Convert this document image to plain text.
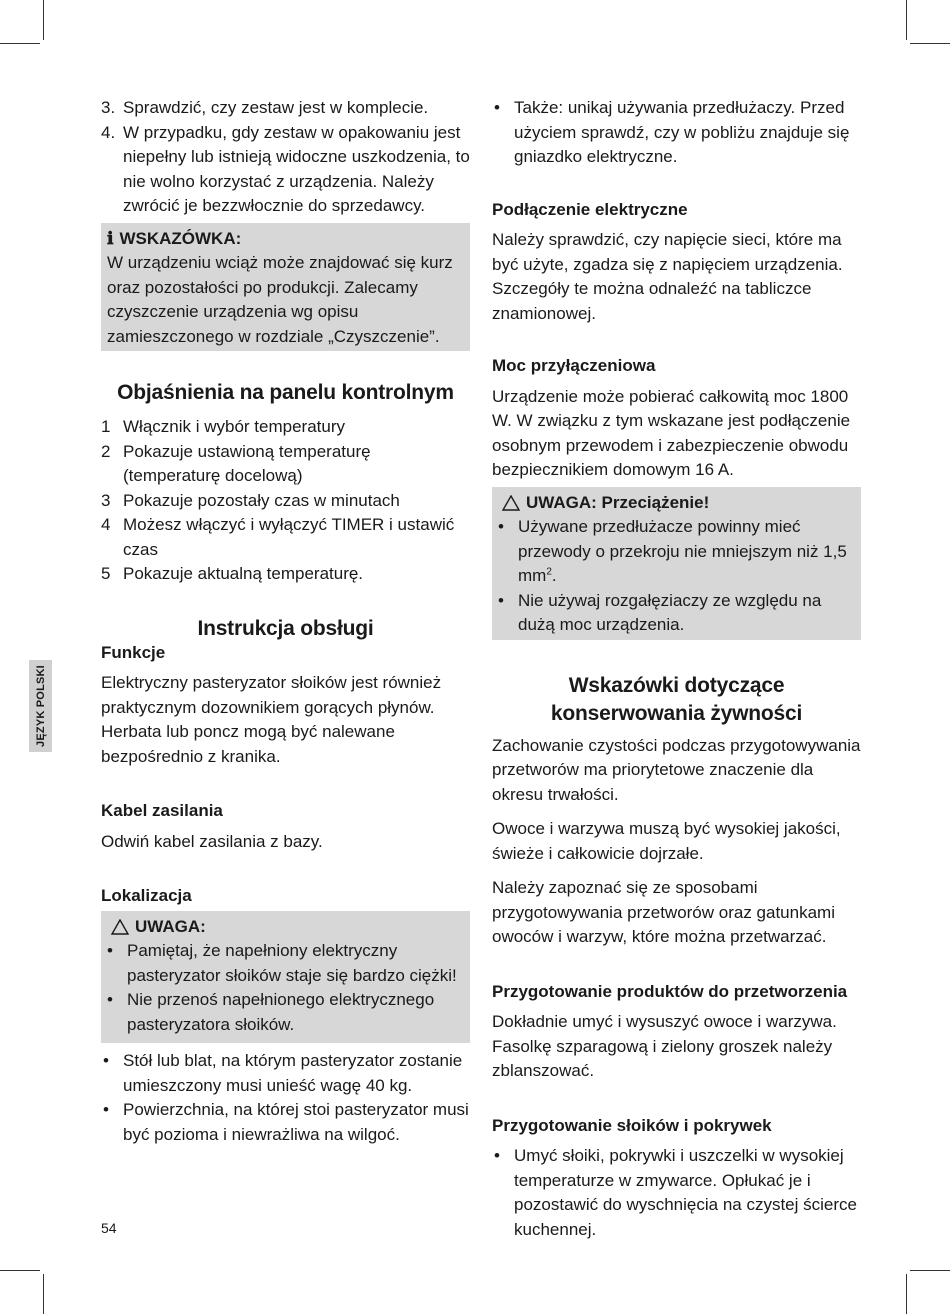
JĘZYK POLSKI
3. Sprawdzić, czy zestaw jest w komplecie.
4. W przypadku, gdy zestaw w opakowaniu jest niepełny lub istnieją widoczne uszkodzenia, to nie wolno korzystać z urządzenia. Należy zwrócić je bezzwłocznie do sprzedawcy.
ℹ WSKAZÓWKA:

W urządzeniu wciąż może znajdować się kurz oraz pozostałości po produkcji. Zalecamy czyszczenie urządzenia wg opisu zamieszczonego w rozdziale „Czyszczenie”.

Objaśnienia na panelu kontrolnym
1 Włącznik i wybór temperatury
2 Pokazuje ustawioną temperaturę (temperaturę docelową)
3 Pokazuje pozostały czas w minutach
4 Możesz włączyć i wyłączyć TIMER i ustawić czas
5 Pokazuje aktualną temperaturę.
Instrukcja obsługi
Funkcje

Elektryczny pasteryzator słoików jest również praktycznym dozownikiem gorących płynów.

Herbata lub poncz mogą być nalewane bezpośrednio z kranika.

Kabel zasilania

Odwiń kabel zasilania z bazy.

Lokalizacja
UWAGA:
• Pamiętaj, że napełniony elektryczny pasteryzator słoików staje się bardzo ciężki!
• Nie przenoś napełnionego elektrycznego pasteryzatora słoików.
• Stół lub blat, na którym pasteryzator zostanie umieszczony musi unieść wagę 40 kg.
• Powierzchnia, na której stoi pasteryzator musi być pozioma i niewrażliwa na wilgoć.
• Także: unikaj używania przedłużaczy. Przed użyciem sprawdź, czy w pobliżu znajduje się gniazdko elektryczne.
Podłączenie elektryczne

Należy sprawdzić, czy napięcie sieci, które ma być użyte, zgadza się z napięciem urządzenia. Szczegóły te można odnaleźć na tabliczce znamionowej.

Moc przyłączeniowa

Urządzenie może pobierać całkowitą moc 1800 W. W związku z tym wskazane jest podłączenie osobnym przewodem i zabezpieczenie obwodu bezpiecznikiem domowym 16 A.

UWAGA: Przeciążenie!
• Używane przedłużacze powinny mieć przewody o przekroju nie mniejszym niż 1,5 $mm^2$.
• Nie używaj rozgałęziaczy ze względu na dużą moc urządzenia.
Wskazówki dotyczące konserwowania żywności

Zachowanie czystości podczas przygotowywania przetworów ma priorytetowe znaczenie dla okresu trwałości.

Owoce i warzywa muszą być wysokiej jakości, świeże i całkowicie dojrzałe.

Należy zapoznać się ze sposobami przygotowywania przetworów oraz gatunkami owoców i warzyw, które można przetwarzać.

Przygotowanie produktów do przetworzenia

Dokładnie umyć i wysuszyć owoce i warzywa. Fasolkę szparagową i zielony groszek należy zblanszować.

Przygotowanie słoików i pokrywek
• Umyć słoiki, pokrywki i uszczelki w wysokiej temperaturze w zmywarce. Opłukać je i pozostawić do wyschnięcia na czystej ścierce kuchennej.
54
